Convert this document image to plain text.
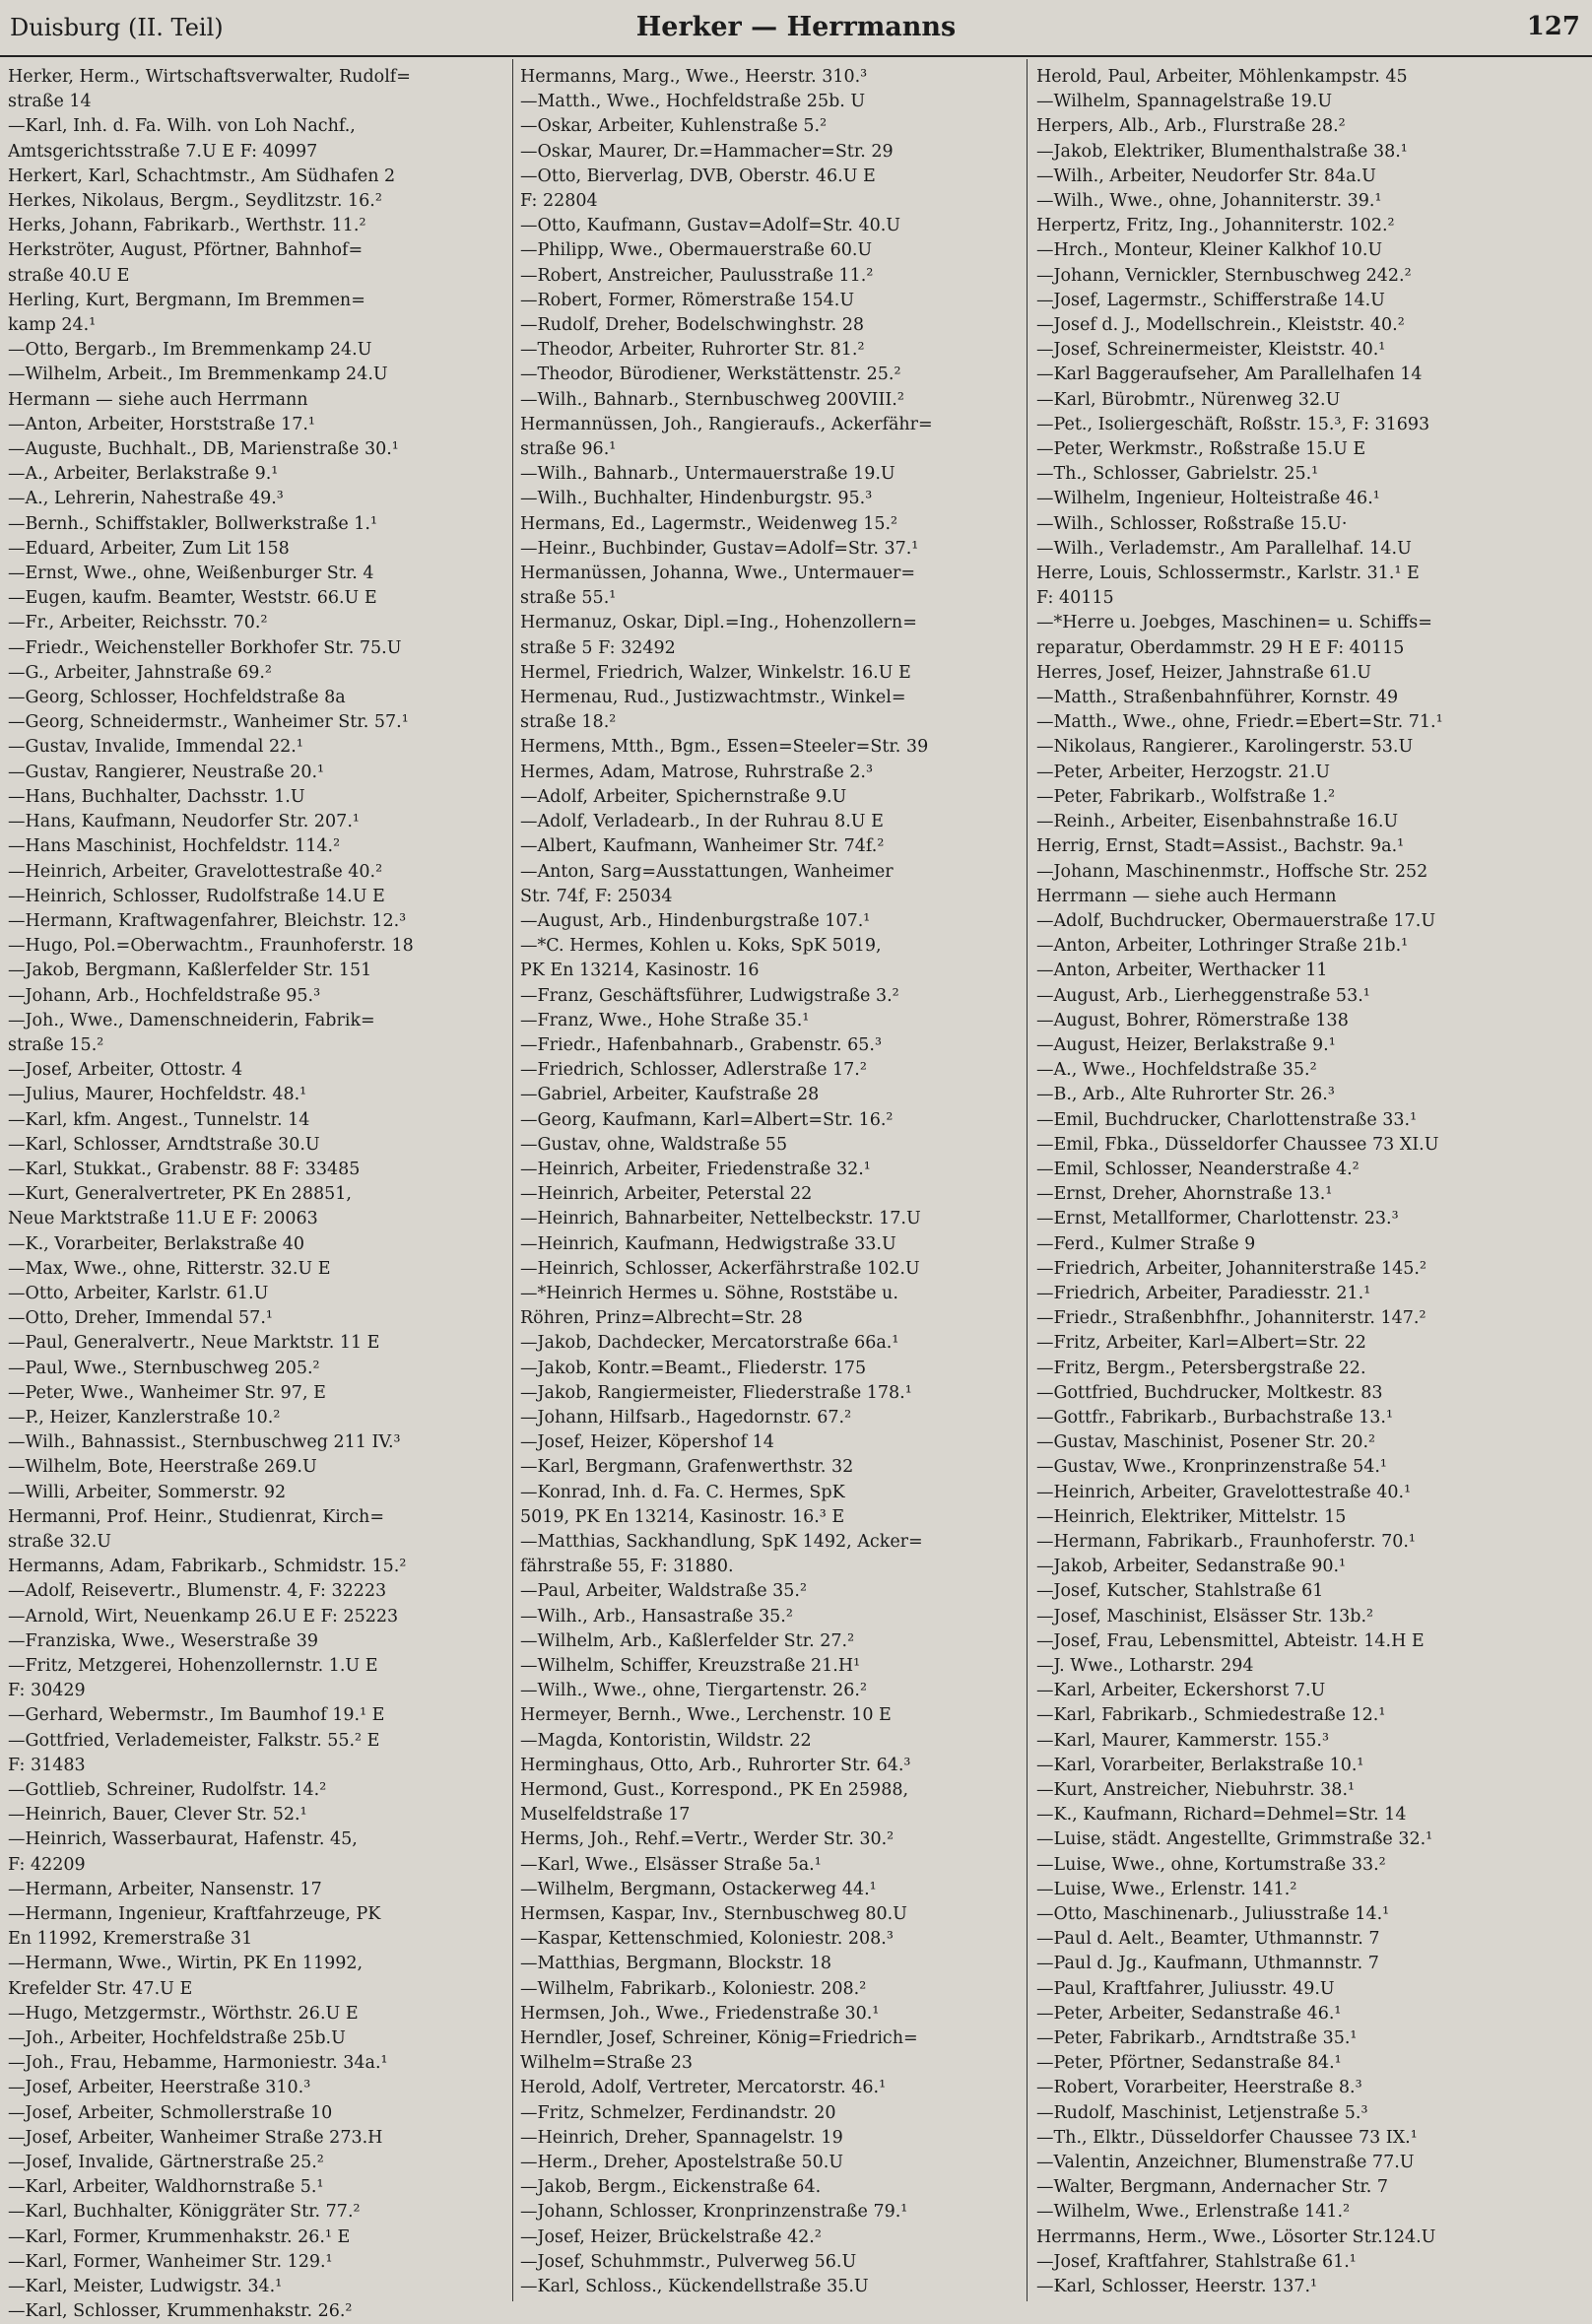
Duisburg (II. Teil)	Herker — Herrmanns	127
Herker, Herm., Wirtschaftsverwalter, Rudolf=
straße 14
—Karl, Inh. d. Fa. Wilh. von Loh Nachf.,
Amtsgerichtsstraße 7.U E F: 40997
Herkert, Karl, Schachtmstr., Am Südhafen 2
Herkes, Nikolaus, Bergm., Seydlitzstr. 16.²
Herks, Johann, Fabrikarb., Werthstr. 11.²
Herkströter, August, Pförtner, Bahnhof=
straße 40.U E
Herling, Kurt, Bergmann, Im Bremmen=
kamp 24.¹
—Otto, Bergarb., Im Bremmenkamp 24.U
—Wilhelm, Arbeit., Im Bremmenkamp 24.U
Hermann — siehe auch Herrmann
—Anton, Arbeiter, Horststraße 17.¹
—Auguste, Buchhalt., DB, Marienstraße 30.¹
—A., Arbeiter, Berlakstraße 9.¹
—A., Lehrerin, Nahestraße 49.³
—Bernh., Schiffstakler, Bollwerkstraße 1.¹
—Eduard, Arbeiter, Zum Lit 158
—Ernst, Wwe., ohne, Weißenburger Str. 4
—Eugen, kaufm. Beamter, Weststr. 66.U E
—Fr., Arbeiter, Reichsstr. 70.²
—Friedr., Weichensteller Borkhofer Str. 75.U
—G., Arbeiter, Jahnstraße 69.²
—Georg, Schlosser, Hochfeldstraße 8a
—Georg, Schneidermstr., Wanheimer Str. 57.¹
—Gustav, Invalide, Immendal 22.¹
—Gustav, Rangierer, Neustraße 20.¹
—Hans, Buchhalter, Dachsstr. 1.U
—Hans, Kaufmann, Neudorfer Str. 207.¹
—Hans Maschinist, Hochfeldstr. 114.²
—Heinrich, Arbeiter, Gravelottestraße 40.²
—Heinrich, Schlosser, Rudolfstraße 14.U E
—Hermann, Kraftwagenfahrer, Bleichstr. 12.³
—Hugo, Pol.=Oberwachtm., Fraunhoferstr. 18
—Jakob, Bergmann, Kaßlerfelder Str. 151
—Johann, Arb., Hochfeldstraße 95.³
—Joh., Wwe., Damenschneiderin, Fabrik=
straße 15.²
—Josef, Arbeiter, Ottostr. 4
—Julius, Maurer, Hochfeldstr. 48.¹
—Karl, kfm. Angest., Tunnelstr. 14
—Karl, Schlosser, Arndtstraße 30.U
—Karl, Stukkat., Grabenstr. 88 F: 33485
—Kurt, Generalvertreter, PK En 28851,
Neue Marktstraße 11.U E F: 20063
—K., Vorarbeiter, Berlakstraße 40
—Max, Wwe., ohne, Ritterstr. 32.U E
—Otto, Arbeiter, Karlstr. 61.U
—Otto, Dreher, Immendal 57.¹
—Paul, Generalvertr., Neue Marktstr. 11 E
—Paul, Wwe., Sternbuschweg 205.²
—Peter, Wwe., Wanheimer Str. 97, E
—P., Heizer, Kanzlerstraße 10.²
—Wilh., Bahnassist., Sternbuschweg 211 IV.³
—Wilhelm, Bote, Heerstraße 269.U
—Willi, Arbeiter, Sommerstr. 92
Hermanni, Prof. Heinr., Studienrat, Kirch=
straße 32.U
Hermanns, Adam, Fabrikarb., Schmidstr. 15.²
—Adolf, Reisevertr., Blumenstr. 4, F: 32223
—Arnold, Wirt, Neuenkamp 26.U E F: 25223
—Franziska, Wwe., Weserstraße 39
—Fritz, Metzgerei, Hohenzollernstr. 1.U E
F: 30429
—Gerhard, Webermstr., Im Baumhof 19.¹ E
—Gottfried, Verlademeister, Falkstr. 55.² E
F: 31483
—Gottlieb, Schreiner, Rudolfstr. 14.²
—Heinrich, Bauer, Clever Str. 52.¹
—Heinrich, Wasserbaurat, Hafenstr. 45,
F: 42209
—Hermann, Arbeiter, Nansenstr. 17
—Hermann, Ingenieur, Kraftfahrzeuge, PK
En 11992, Kremerstraße 31
—Hermann, Wwe., Wirtin, PK En 11992,
Krefelder Str. 47.U E
—Hugo, Metzgermstr., Wörthstr. 26.U E
—Joh., Arbeiter, Hochfeldstraße 25b.U
—Joh., Frau, Hebamme, Harmoniestr. 34a.¹
—Josef, Arbeiter, Heerstraße 310.³
—Josef, Arbeiter, Schmollerstraße 10
—Josef, Arbeiter, Wanheimer Straße 273.H
—Josef, Invalide, Gärtnerstraße 25.²
—Karl, Arbeiter, Waldhornstraße 5.¹
—Karl, Buchhalter, Königgräter Str. 77.²
—Karl, Former, Krummenhakstr. 26.¹ E
—Karl, Former, Wanheimer Str. 129.¹
—Karl, Meister, Ludwigstr. 34.¹
—Karl, Schlosser, Krummenhakstr. 26.²
Hermanns, Marg., Wwe., Heerstr. 310.³
—Matth., Wwe., Hochfeldstraße 25b. U
—Oskar, Arbeiter, Kuhlenstraße 5.²
—Oskar, Maurer, Dr.=Hammacher=Str. 29
—Otto, Bierverlag, DVB, Oberstr. 46.U E
F: 22804
—Otto, Kaufmann, Gustav=Adolf=Str. 40.U
—Philipp, Wwe., Obermauerstraße 60.U
—Robert, Anstreicher, Paulusstraße 11.²
—Robert, Former, Römerstraße 154.U
—Rudolf, Dreher, Bodelschwinghstr. 28
—Theodor, Arbeiter, Ruhrorter Str. 81.²
—Theodor, Bürodiener, Werkstättenstr. 25.²
—Wilh., Bahnarb., Sternbuschweg 200VIII.²
Hermannüssen, Joh., Rangieraufs., Ackerfähr=
straße 96.¹
—Wilh., Bahnarb., Untermauerstraße 19.U
—Wilh., Buchhalter, Hindenburgstr. 95.³
Hermans, Ed., Lagermstr., Weidenweg 15.²
—Heinr., Buchbinder, Gustav=Adolf=Str. 37.¹
Hermanüssen, Johanna, Wwe., Untermauer=
straße 55.¹
Hermanuz, Oskar, Dipl.=Ing., Hohenzollern=
straße 5 F: 32492
Hermel, Friedrich, Walzer, Winkelstr. 16.U E
Hermenau, Rud., Justizwachtmstr., Winkel=
straße 18.²
Hermens, Mtth., Bgm., Essen=Steeler=Str. 39
Hermes, Adam, Matrose, Ruhrstraße 2.³
—Adolf, Arbeiter, Spichernstraße 9.U
—Adolf, Verladearb., In der Ruhrau 8.U E
—Albert, Kaufmann, Wanheimer Str. 74f.²
—Anton, Sarg=Ausstattungen, Wanheimer
Str. 74f, F: 25034
—August, Arb., Hindenburgstraße 107.¹
—*C. Hermes, Kohlen u. Koks, SpK 5019,
PK En 13214, Kasinostr. 16
—Franz, Geschäftsführer, Ludwigstraße 3.²
—Franz, Wwe., Hohe Straße 35.¹
—Friedr., Hafenbahnarb., Grabenstr. 65.³
—Friedrich, Schlosser, Adlerstraße 17.²
—Gabriel, Arbeiter, Kaufstraße 28
—Georg, Kaufmann, Karl=Albert=Str. 16.²
—Gustav, ohne, Waldstraße 55
—Heinrich, Arbeiter, Friedenstraße 32.¹
—Heinrich, Arbeiter, Peterstal 22
—Heinrich, Bahnarbeiter, Nettelbeckstr. 17.U
—Heinrich, Kaufmann, Hedwigstraße 33.U
—Heinrich, Schlosser, Ackerfährstraße 102.U
—*Heinrich Hermes u. Söhne, Roststäbe u.
Röhren, Prinz=Albrecht=Str. 28
—Jakob, Dachdecker, Mercatorstraße 66a.¹
—Jakob, Kontr.=Beamt., Fliederstr. 175
—Jakob, Rangiermeister, Fliederstraße 178.¹
—Johann, Hilfsarb., Hagedornstr. 67.²
—Josef, Heizer, Köpershof 14
—Karl, Bergmann, Grafenwerthstr. 32
—Konrad, Inh. d. Fa. C. Hermes, SpK
5019, PK En 13214, Kasinostr. 16.³ E
—Matthias, Sackhandlung, SpK 1492, Acker=
fährstraße 55, F: 31880.
—Paul, Arbeiter, Waldstraße 35.²
—Wilh., Arb., Hansastraße 35.²
—Wilhelm, Arb., Kaßlerfelder Str. 27.²
—Wilhelm, Schiffer, Kreuzstraße 21.H¹
—Wilh., Wwe., ohne, Tiergartenstr. 26.²
Hermeyer, Bernh., Wwe., Lerchenstr. 10 E
—Magda, Kontoristin, Wildstr. 22
Herminghaus, Otto, Arb., Ruhrorter Str. 64.³
Hermond, Gust., Korrespond., PK En 25988,
Muselfeldstraße 17
Herms, Joh., Rehf.=Vertr., Werder Str. 30.²
—Karl, Wwe., Elsässer Straße 5a.¹
—Wilhelm, Bergmann, Ostackerweg 44.¹
Hermsen, Kaspar, Inv., Sternbuschweg 80.U
—Kaspar, Kettenschmied, Koloniestr. 208.³
—Matthias, Bergmann, Blockstr. 18
—Wilhelm, Fabrikarb., Koloniestr. 208.²
Hermsen, Joh., Wwe., Friedenstraße 30.¹
Herndler, Josef, Schreiner, König=Friedrich=
Wilhelm=Straße 23
Herold, Adolf, Vertreter, Mercatorstr. 46.¹
—Fritz, Schmelzer, Ferdinandstr. 20
—Heinrich, Dreher, Spannagelstr. 19
—Herm., Dreher, Apostelstraße 50.U
—Jakob, Bergm., Eickenstraße 64.
—Johann, Schlosser, Kronprinzenstraße 79.¹
—Josef, Heizer, Brückelstraße 42.²
—Josef, Schuhmmstr., Pulverweg 56.U
—Karl, Schloss., Kückendellstraße 35.U
Herold, Paul, Arbeiter, Möhlenkampstr. 45
—Wilhelm, Spannagelstraße 19.U
Herpers, Alb., Arb., Flurstraße 28.²
—Jakob, Elektriker, Blumenthalstraße 38.¹
—Wilh., Arbeiter, Neudorfer Str. 84a.U
—Wilh., Wwe., ohne, Johanniterstr. 39.¹
Herpertz, Fritz, Ing., Johanniterstr. 102.²
—Hrch., Monteur, Kleiner Kalkhof 10.U
—Johann, Vernickler, Sternbuschweg 242.²
—Josef, Lagermstr., Schifferstraße 14.U
—Josef d. J., Modellschrein., Kleiststr. 40.²
—Josef, Schreinermeister, Kleiststr. 40.¹
—Karl Baggeraufseher, Am Parallelhafen 14
—Karl, Bürobmtr., Nürenweg 32.U
—Pet., Isoliergeschäft, Roßstr. 15.³, F: 31693
—Peter, Werkmstr., Roßstraße 15.U E
—Th., Schlosser, Gabrielstr. 25.¹
—Wilhelm, Ingenieur, Holteistraße 46.¹
—Wilh., Schlosser, Roßstraße 15.U·
—Wilh., Verlademstr., Am Parallelhaf. 14.U
Herre, Louis, Schlossermstr., Karlstr. 31.¹ E
F: 40115
—*Herre u. Joebges, Maschinen= u. Schiffs=
reparatur, Oberdammstr. 29 H E F: 40115
Herres, Josef, Heizer, Jahnstraße 61.U
—Matth., Straßenbahnführer, Kornstr. 49
—Matth., Wwe., ohne, Friedr.=Ebert=Str. 71.¹
—Nikolaus, Rangierer., Karolingerstr. 53.U
—Peter, Arbeiter, Herzogstr. 21.U
—Peter, Fabrikarb., Wolfstraße 1.²
—Reinh., Arbeiter, Eisenbahnstraße 16.U
Herrig, Ernst, Stadt=Assist., Bachstr. 9a.¹
—Johann, Maschinenmstr., Hoffsche Str. 252
Herrmann — siehe auch Hermann
—Adolf, Buchdrucker, Obermauerstraße 17.U
—Anton, Arbeiter, Lothringer Straße 21b.¹
—Anton, Arbeiter, Werthacker 11
—August, Arb., Lierheggenstraße 53.¹
—August, Bohrer, Römerstraße 138
—August, Heizer, Berlakstraße 9.¹
—A., Wwe., Hochfeldstraße 35.²
—B., Arb., Alte Ruhrorter Str. 26.³
—Emil, Buchdrucker, Charlottenstraße 33.¹
—Emil, Fbka., Düsseldorfer Chaussee 73 XI.U
—Emil, Schlosser, Neanderstraße 4.²
—Ernst, Dreher, Ahornstraße 13.¹
—Ernst, Metallformer, Charlottenstr. 23.³
—Ferd., Kulmer Straße 9
—Friedrich, Arbeiter, Johanniterstraße 145.²
—Friedrich, Arbeiter, Paradiesstr. 21.¹
—Friedr., Straßenbhfhr., Johanniterstr. 147.²
—Fritz, Arbeiter, Karl=Albert=Str. 22
—Fritz, Bergm., Petersbergstraße 22.
—Gottfried, Buchdrucker, Moltkestr. 83
—Gottfr., Fabrikarb., Burbachstraße 13.¹
—Gustav, Maschinist, Posener Str. 20.²
—Gustav, Wwe., Kronprinzenstraße 54.¹
—Heinrich, Arbeiter, Gravelottestraße 40.¹
—Heinrich, Elektriker, Mittelstr. 15
—Hermann, Fabrikarb., Fraunhoferstr. 70.¹
—Jakob, Arbeiter, Sedanstraße 90.¹
—Josef, Kutscher, Stahlstraße 61
—Josef, Maschinist, Elsässer Str. 13b.²
—Josef, Frau, Lebensmittel, Abteistr. 14.H E
—J. Wwe., Lotharstr. 294
—Karl, Arbeiter, Eckershorst 7.U
—Karl, Fabrikarb., Schmiedestraße 12.¹
—Karl, Maurer, Kammerstr. 155.³
—Karl, Vorarbeiter, Berlakstraße 10.¹
—Kurt, Anstreicher, Niebuhrstr. 38.¹
—K., Kaufmann, Richard=Dehmel=Str. 14
—Luise, städt. Angestellte, Grimmstraße 32.¹
—Luise, Wwe., ohne, Kortumstraße 33.²
—Luise, Wwe., Erlenstr. 141.²
—Otto, Maschinenarb., Juliusstraße 14.¹
—Paul d. Aelt., Beamter, Uthmannstr. 7
—Paul d. Jg., Kaufmann, Uthmannstr. 7
—Paul, Kraftfahrer, Juliusstr. 49.U
—Peter, Arbeiter, Sedanstraße 46.¹
—Peter, Fabrikarb., Arndtstraße 35.¹
—Peter, Pförtner, Sedanstraße 84.¹
—Robert, Vorarbeiter, Heerstraße 8.³
—Rudolf, Maschinist, Letjenstraße 5.³
—Th., Elktr., Düsseldorfer Chaussee 73 IX.¹
—Valentin, Anzeichner, Blumenstraße 77.U
—Walter, Bergmann, Andernacher Str. 7
—Wilhelm, Wwe., Erlenstraße 141.²
Herrmanns, Herm., Wwe., Lösorter Str.124.U
—Josef, Kraftfahrer, Stahlstraße 61.¹
—Karl, Schlosser, Heerstr. 137.¹
